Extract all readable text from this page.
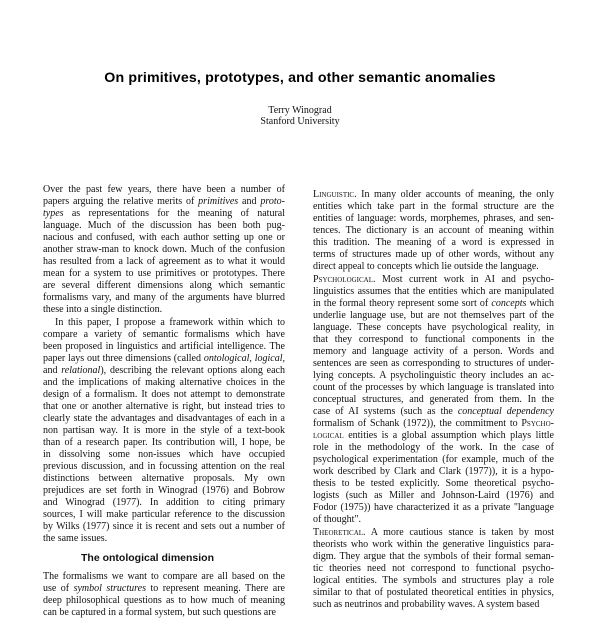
On primitives, prototypes, and other semantic anomalies
Terry Winograd
Stanford University
Over the past few years, there have been a number of
papers arguing the relative merits of primitives and proto-
types as representations for the meaning of natural
language. Much of the discussion has been both pug-
nacious and confused, with each author setting up one or
another straw-man to knock down. Much of the confusion
has resulted from a lack of agreement as to what it would
mean for a system to use primitives or prototypes. There
are several different dimensions along which semantic
formalisms vary, and many of the arguments have blurred
these into a single distinction.
In this paper, I propose a framework within which to
compare a variety of semantic formalisms which have
been proposed in linguistics and artificial intelligence. The
paper lays out three dimensions (called ontological, logical,
and relational), describing the relevant options along each
and the implications of making alternative choices in the
design of a formalism. It does not attempt to demonstrate
that one or another alternative is right, but instead tries to
clearly state the advantages and disadvantages of each in a
non partisan way. It is more in the style of a text-book
than of a research paper. Its contribution will, I hope, be
in dissolving some non-issues which have occupied
previous discussion, and in focussing attention on the real
distinctions between alternative proposals. My own
prejudices are set forth in Winograd (1976) and Bobrow
and Winograd (1977). In addition to citing primary
sources, I will make particular reference to the discussion
by Wilks (1977) since it is recent and sets out a number of
the same issues.
The ontological dimension
The formalisms we want to compare are all based on the
use of symbol structures to represent meaning. There are
deep philosophical questions as to how much of meaning
can be captured in a formal system, but such questions are
Linguistic. In many older accounts of meaning, the only
entities which take part in the formal structure are the
entities of language: words, morphemes, phrases, and sen-
tences. The dictionary is an account of meaning within
this tradition. The meaning of a word is expressed in
terms of structures made up of other words, without any
direct appeal to concepts which lie outside the language.
Psychological. Most current work in AI and psycho-
linguistics assumes that the entities which are manipulated
in the formal theory represent some sort of concepts which
underlie language use, but are not themselves part of the
language. These concepts have psychological reality, in
that they correspond to functional components in the
memory and language activity of a person. Words and
sentences are seen as corresponding to structures of under-
lying concepts. A psycholinguistic theory includes an ac-
count of the processes by which language is translated into
conceptual structures, and generated from them. In the
case of AI systems (such as the conceptual dependency
formalism of Schank (1972)), the commitment to Psycho-
logical entities is a global assumption which plays little
role in the methodology of the work. In the case of
psychological experimentation (for example, much of the
work described by Clark and Clark (1977)), it is a hypo-
thesis to be tested explicitly. Some theoretical psycho-
logists (such as Miller and Johnson-Laird (1976) and
Fodor (1975)) have characterized it as a private "language
of thought".
Theoretical. A more cautious stance is taken by most
theorists who work within the generative linguistics para-
digm. They argue that the symbols of their formal seman-
tic theories need not correspond to functional psycho-
logical entities. The symbols and structures play a role
similar to that of postulated theoretical entities in physics,
such as neutrinos and probability waves. A system based
